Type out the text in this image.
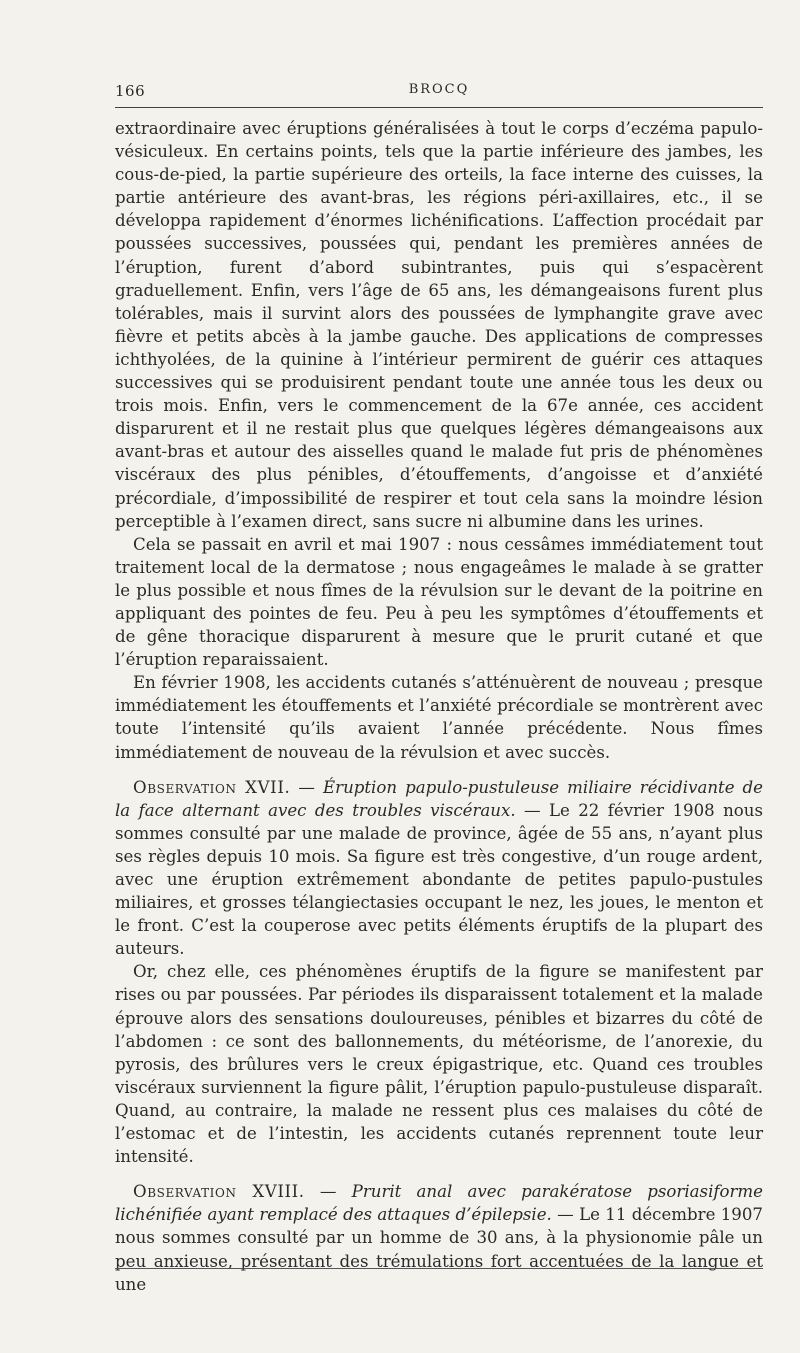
166	BROCQ

extraordinaire avec éruptions généralisées à tout le corps d’eczéma papulo-vésiculeux. En certains points, tels que la partie inférieure des jambes, les cous-de-pied, la partie supérieure des orteils, la face interne des cuisses, la partie antérieure des avant-bras, les régions péri-axillaires, etc., il se développa rapidement d’énormes lichénifications. L’affection procédait par poussées successives, poussées qui, pendant les premières années de l’éruption, furent d’abord subintrantes, puis qui s’espacèrent graduellement. Enfin, vers l’âge de 65 ans, les démangeaisons furent plus tolérables, mais il survint alors des poussées de lymphangite grave avec fièvre et petits abcès à la jambe gauche. Des applications de compresses ichthyolées, de la quinine à l’intérieur permirent de guérir ces attaques successives qui se produisirent pendant toute une année tous les deux ou trois mois. Enfin, vers le commencement de la 67e année, ces accident disparurent et il ne restait plus que quelques légères démangeaisons aux avant-bras et autour des aisselles quand le malade fut pris de phénomènes viscéraux des plus pénibles, d’étouffements, d’angoisse et d’anxiété précordiale, d’impossibilité de respirer et tout cela sans la moindre lésion perceptible à l’examen direct, sans sucre ni albumine dans les urines.

Cela se passait en avril et mai 1907 : nous cessâmes immédiatement tout traitement local de la dermatose ; nous engageâmes le malade à se gratter le plus possible et nous fîmes de la révulsion sur le devant de la poitrine en appliquant des pointes de feu. Peu à peu les symptômes d’étouffements et de gêne thoracique disparurent à mesure que le prurit cutané et que l’éruption reparaissaient.

En février 1908, les accidents cutanés s’atténuèrent de nouveau ; presque immédiatement les étouffements et l’anxiété précordiale se montrèrent avec toute l’intensité qu’ils avaient l’année précédente. Nous fîmes immédiatement de nouveau de la révulsion et avec succès.

Observation XVII. — Éruption papulo-pustuleuse miliaire récidivante de la face alternant avec des troubles viscéraux. — Le 22 février 1908 nous sommes consulté par une malade de province, âgée de 55 ans, n’ayant plus ses règles depuis 10 mois. Sa figure est très congestive, d’un rouge ardent, avec une éruption extrêmement abondante de petites papulo-pustules miliaires, et grosses télangiectasies occupant le nez, les joues, le menton et le front. C’est la couperose avec petits éléments éruptifs de la plupart des auteurs.

Or, chez elle, ces phénomènes éruptifs de la figure se manifestent par rises ou par poussées. Par périodes ils disparaissent totalement et la malade éprouve alors des sensations douloureuses, pénibles et bizarres du côté de l’abdomen : ce sont des ballonnements, du météorisme, de l’anorexie, du pyrosis, des brûlures vers le creux épigastrique, etc. Quand ces troubles viscéraux surviennent la figure pâlit, l’éruption papulo-pustuleuse disparaît. Quand, au contraire, la malade ne ressent plus ces malaises du côté de l’estomac et de l’intestin, les accidents cutanés reprennent toute leur intensité.

Observation XVIII. — Prurit anal avec parakératose psoriasiforme lichénifiée ayant remplacé des attaques d’épilepsie. — Le 11 décembre 1907 nous sommes consulté par un homme de 30 ans, à la physionomie pâle un peu anxieuse, présentant des trémulations fort accentuées de la langue et une
